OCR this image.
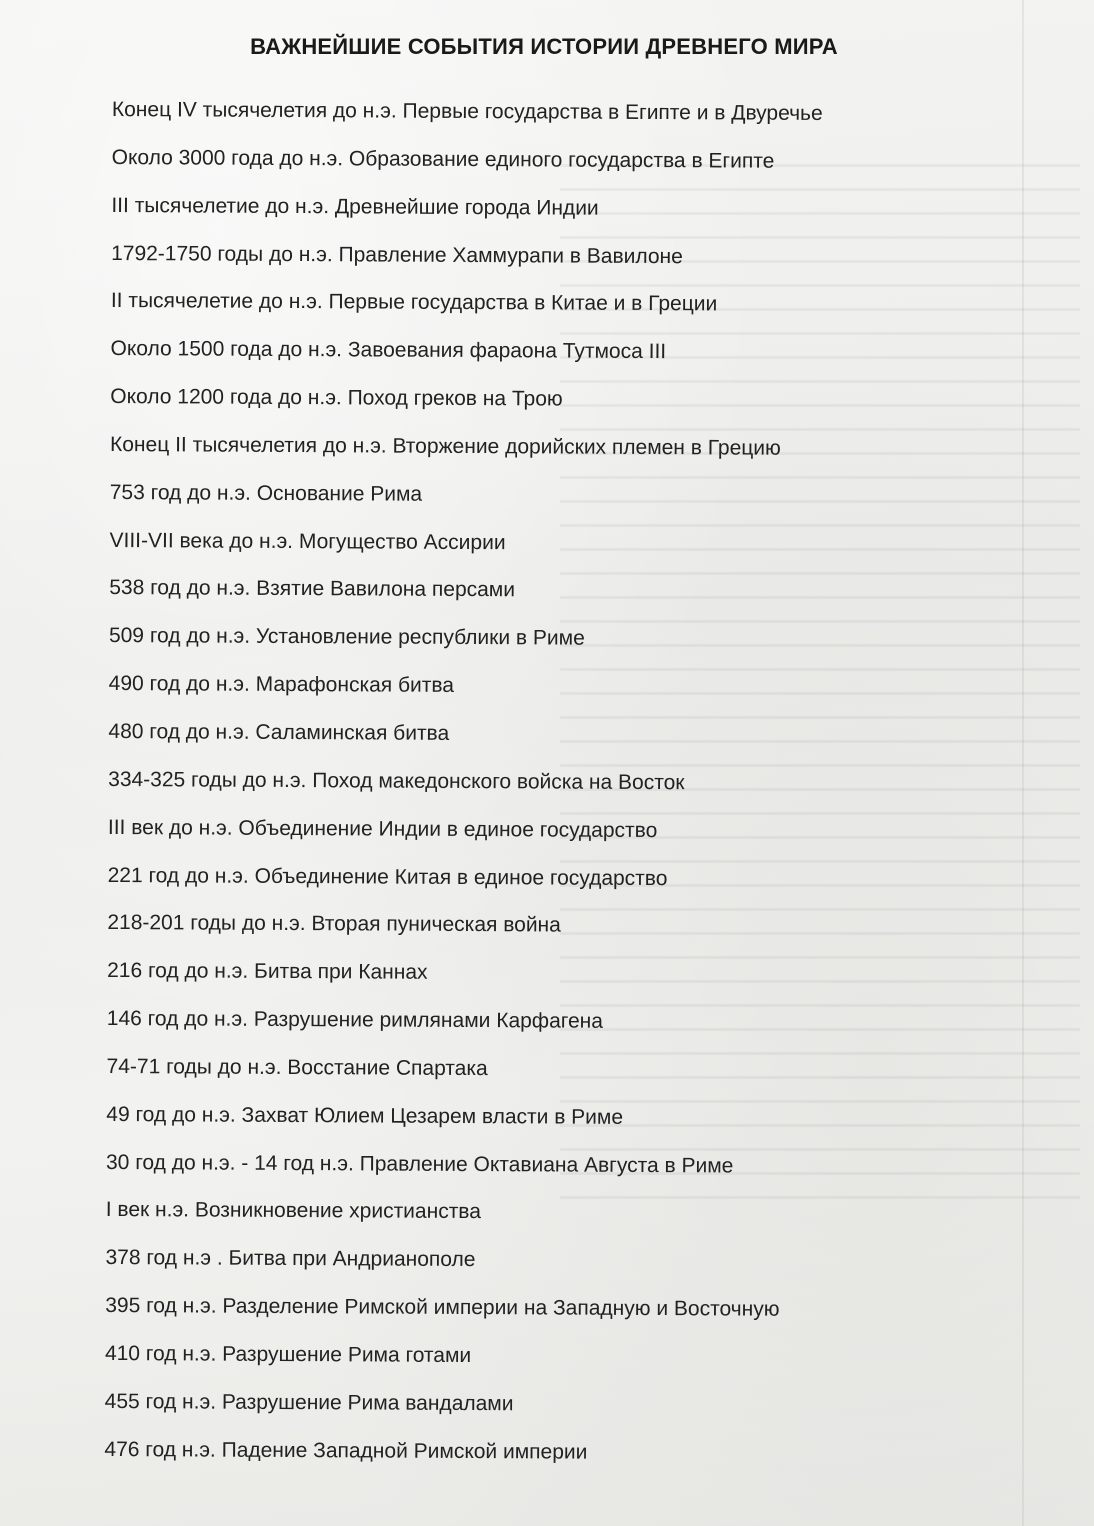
ВАЖНЕЙШИЕ СОБЫТИЯ ИСТОРИИ ДРЕВНЕГО МИРА
Конец IV тысячелетия до н.э. Первые государства в Египте и в Двуречье
Около 3000 года до н.э. Образование единого государства в Египте
III тысячелетие до н.э. Древнейшие города Индии
1792-1750 годы до н.э. Правление Хаммурапи в Вавилоне
II тысячелетие до н.э. Первые государства в Китае и в Греции
Около 1500 года до н.э. Завоевания фараона Тутмоса III
Около 1200 года до н.э. Поход греков на Трою
Конец II тысячелетия до н.э. Вторжение дорийских племен в Грецию
753 год до н.э. Основание Рима
VIII-VII века до н.э. Могущество Ассирии
538 год до н.э. Взятие Вавилона персами
509 год до н.э. Установление республики в Риме
490 год до н.э. Марафонская битва
480 год до н.э. Саламинская битва
334-325 годы до н.э. Поход македонского войска на Восток
III век до н.э. Объединение Индии в единое государство
221 год до н.э. Объединение Китая в единое государство
218-201 годы до н.э. Вторая пуническая война
216 год до н.э. Битва при Каннах
146 год до н.э. Разрушение римлянами Карфагена
74-71 годы до н.э. Восстание Спартака
49 год до н.э. Захват Юлием Цезарем власти в Риме
30 год до н.э. - 14 год н.э. Правление Октавиана Августа в Риме
I век н.э. Возникновение христианства
378 год н.э . Битва при Андрианополе
395 год н.э. Разделение Римской империи на Западную и Восточную
410 год н.э. Разрушение Рима готами
455 год н.э. Разрушение Рима вандалами
476 год н.э. Падение Западной Римской империи
